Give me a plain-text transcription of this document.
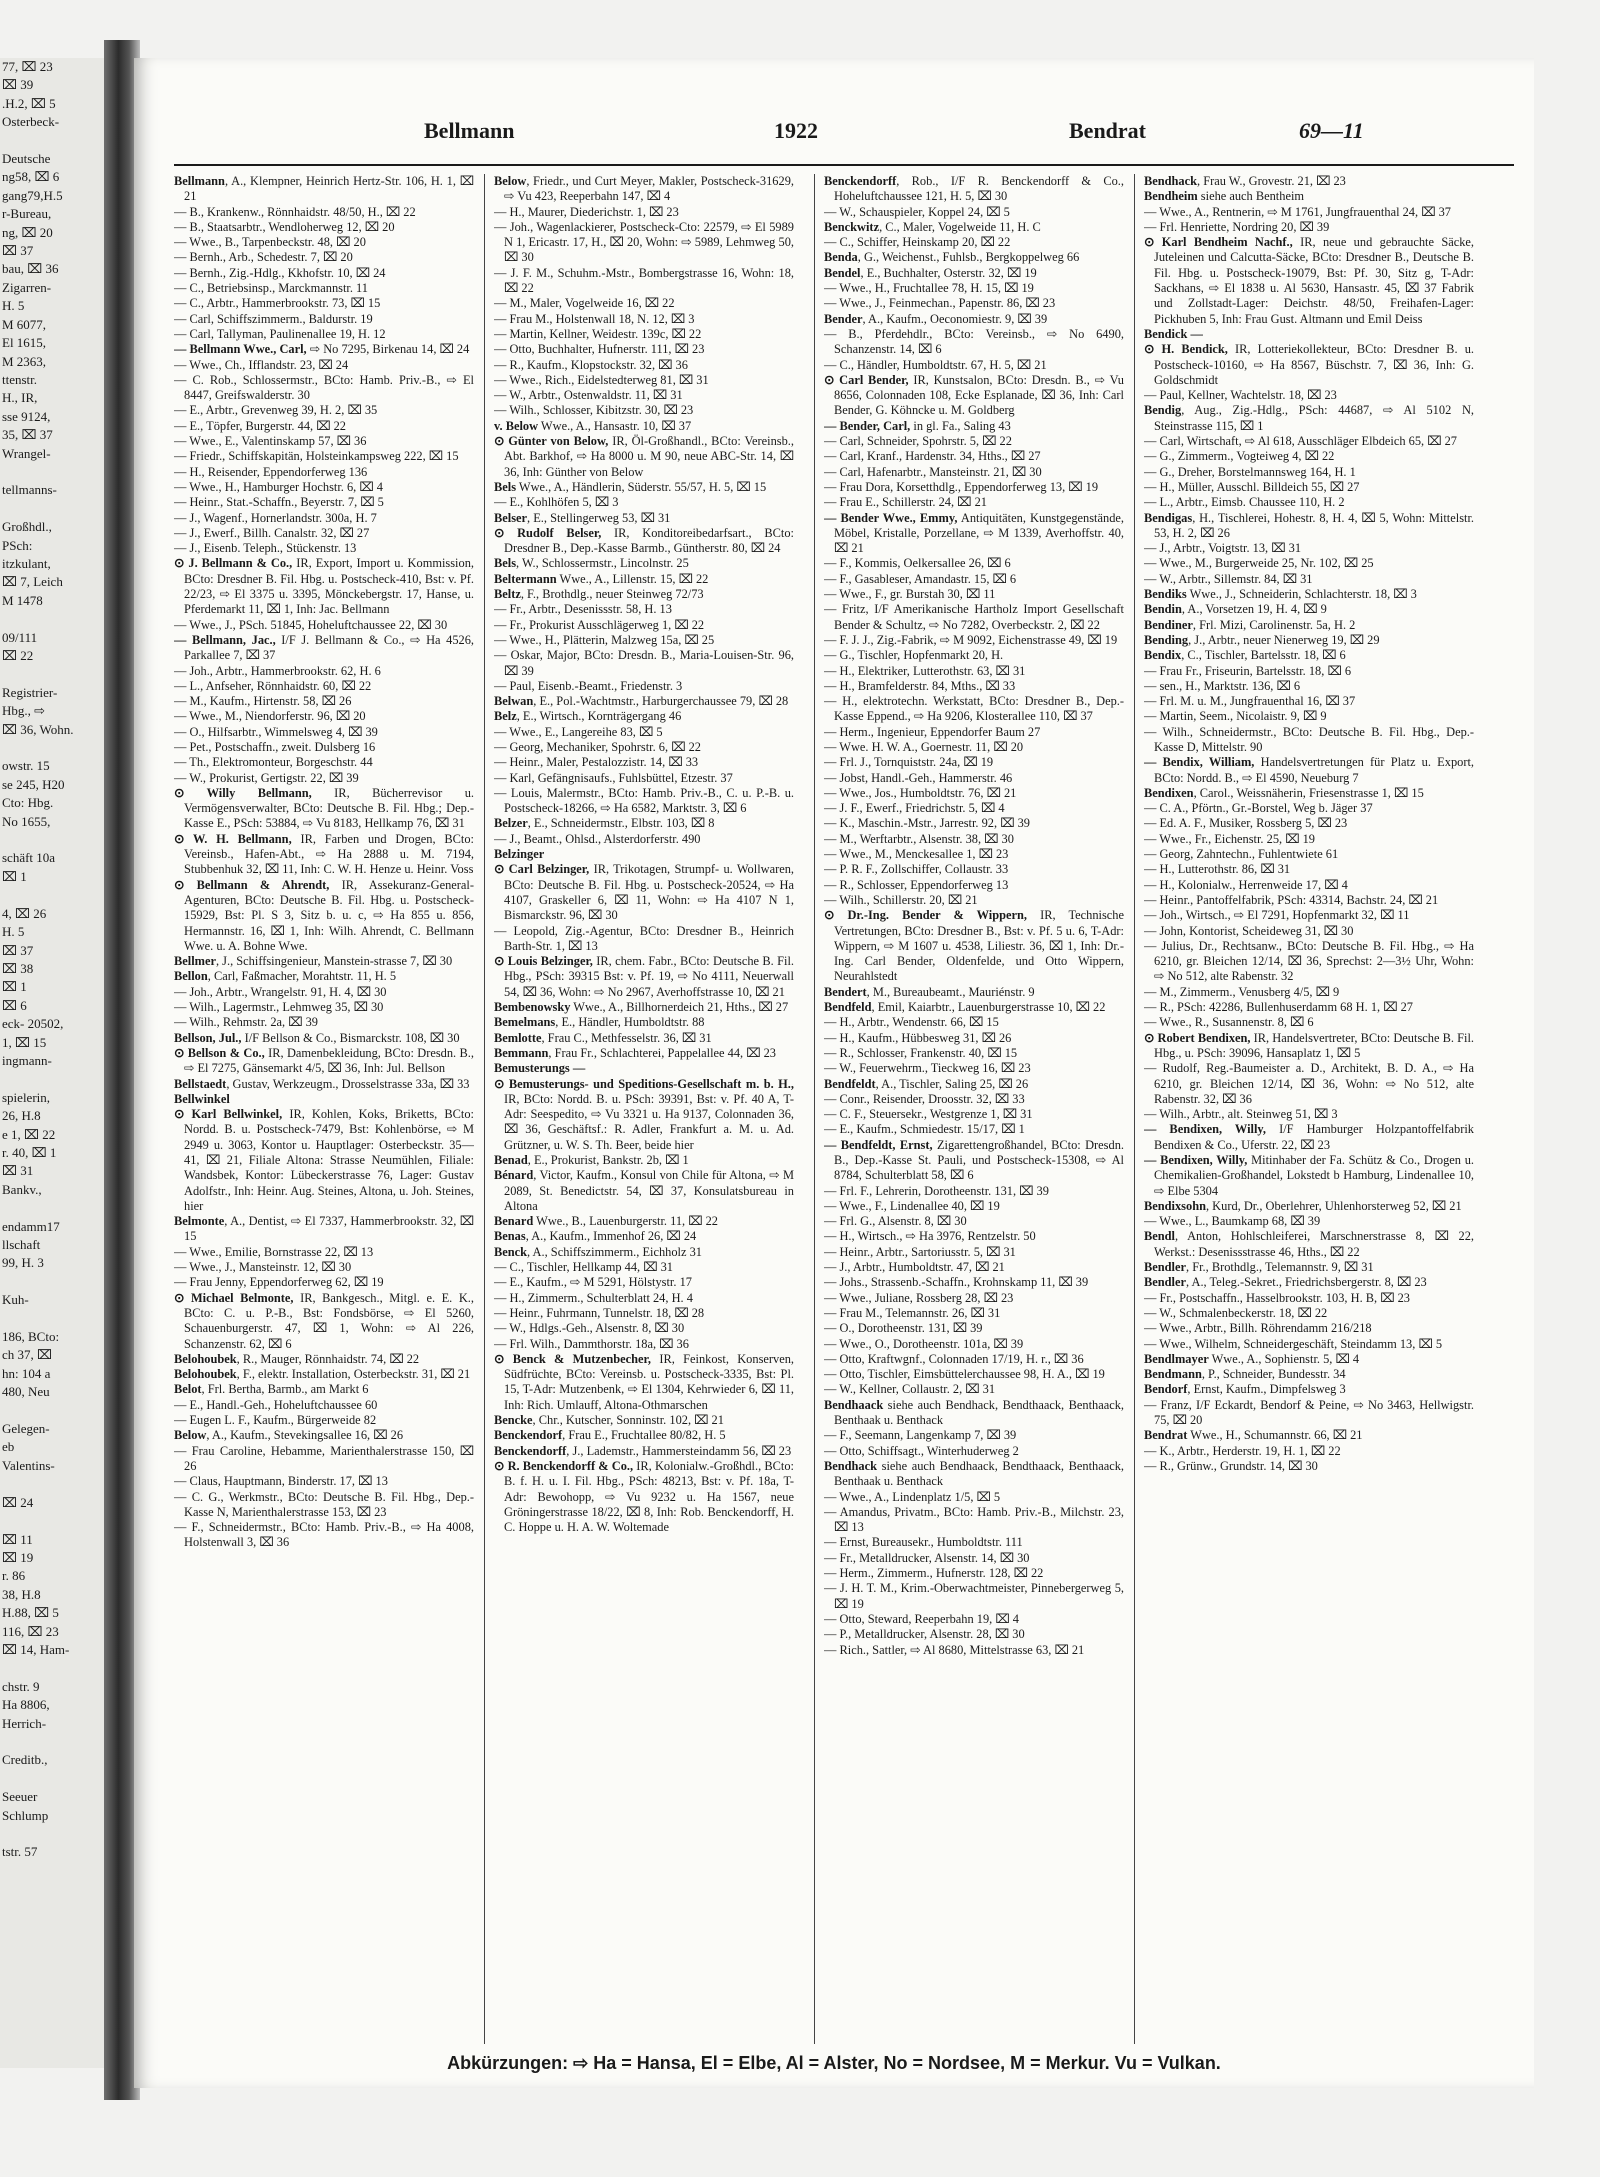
77, ⌧ 23
⌧ 39
.H.2, ⌧ 5
Osterbeck-

Deutsche
ng58, ⌧ 6
gang79,H.5
r-Bureau,
ng, ⌧ 20
⌧ 37
bau, ⌧ 36
Zigarren-
H. 5
M 6077,
El 1615,
M 2363,
ttenstr.
H., IR,
sse 9124,
35, ⌧ 37
Wrangel-

tellmanns-

Großhdl.,
PSch:
itzkulant,
⌧ 7, Leich
M 1478

09/111
⌧ 22

Registrier-
Hbg., ⇨
⌧ 36, Wohn.

owstr. 15
se 245, H20
Cto: Hbg.
No 1655,

schäft 10a
⌧ 1

4, ⌧ 26
H. 5
⌧ 37
⌧ 38
⌧ 1
⌧ 6
eck- 20502,
1, ⌧ 15
ingmann-

spielerin,
26, H.8
e 1, ⌧ 22
r. 40, ⌧ 1
⌧ 31
Bankv.,

endamm17
llschaft
99, H. 3

Kuh-

186, BCto:
ch 37, ⌧
hn: 104 a
480, Neu

Gelegen-
eb
Valentins-

⌧ 24

⌧ 11
⌧ 19
r. 86
38, H.8
H.88, ⌧ 5
116, ⌧ 23
⌧ 14, Ham-

chstr. 9
Ha 8806,
Herrich-

Creditb.,

Seeuer
Schlump

tstr. 57
Bellmann	1922	Bendrat	69—11

Bellmann, A., Klempner, Heinrich Hertz-Str. 106, H. 1, ⌧ 21

— B., Krankenw., Rönnhaidstr. 48/50, H., ⌧ 22

— B., Staatsarbtr., Wendloherweg 12, ⌧ 20

— Wwe., B., Tarpenbeckstr. 48, ⌧ 20

— Bernh., Arb., Schedestr. 7, ⌧ 20

— Bernh., Zig.-Hdlg., Kkhofstr. 10, ⌧ 24

— C., Betriebsinsp., Marckmannstr. 11

— C., Arbtr., Hammerbrookstr. 73, ⌧ 15

— Carl, Schiffszimmerm., Baldurstr. 19

— Carl, Tallyman, Paulinenallee 19, H. 12

— Bellmann Wwe., Carl, ⇨ No 7295, Birkenau 14, ⌧ 24

— Wwe., Ch., Ifflandstr. 23, ⌧ 24

— C. Rob., Schlossermstr., BCto: Hamb. Priv.-B., ⇨ El 8447, Greifswalderstr. 30

— E., Arbtr., Grevenweg 39, H. 2, ⌧ 35

— E., Töpfer, Burgerstr. 44, ⌧ 22

— Wwe., E., Valentinskamp 57, ⌧ 36

— Friedr., Schiffskapitän, Holsteinkampsweg 222, ⌧ 15

— H., Reisender, Eppendorferweg 136

— Wwe., H., Hamburger Hochstr. 6, ⌧ 4

— Heinr., Stat.-Schaffn., Beyerstr. 7, ⌧ 5

— J., Wagenf., Hornerlandstr. 300a, H. 7

— J., Ewerf., Billh. Canalstr. 32, ⌧ 27

— J., Eisenb. Teleph., Stückenstr. 13

⊙ J. Bellmann & Co., IR, Export, Import u. Kommission, BCto: Dresdner B. Fil. Hbg. u. Postscheck-410, Bst: v. Pf. 22/23, ⇨ El 3375 u. 3395, Mönckebergstr. 17, Hanse, u. Pferdemarkt 11, ⌧ 1, Inh: Jac. Bellmann

— Wwe., J., PSch. 51845, Hoheluftchaussee 22, ⌧ 30

— Bellmann, Jac., I/F J. Bellmann & Co., ⇨ Ha 4526, Parkallee 7, ⌧ 37

— Joh., Arbtr., Hammerbrookstr. 62, H. 6

— L., Anfseher, Rönnhaidstr. 60, ⌧ 22

— M., Kaufm., Hirtenstr. 58, ⌧ 26

— Wwe., M., Niendorferstr. 96, ⌧ 20

— O., Hilfsarbtr., Wimmelsweg 4, ⌧ 39

— Pet., Postschaffn., zweit. Dulsberg 16

— Th., Elektromonteur, Borgeschstr. 44

— W., Prokurist, Gertigstr. 22, ⌧ 39

⊙ Willy Bellmann, IR, Bücherrevisor u. Vermögensverwalter, BCto: Deutsche B. Fil. Hbg.; Dep.-Kasse E., PSch: 53884, ⇨ Vu 8183, Hellkamp 76, ⌧ 31

⊙ W. H. Bellmann, IR, Farben und Drogen, BCto: Vereinsb., Hafen-Abt., ⇨ Ha 2888 u. M. 7194, Stubbenhuk 32, ⌧ 11, Inh: C. W. H. Henze u. Heinr. Voss

⊙ Bellmann & Ahrendt, IR, Assekuranz-General-Agenturen, BCto: Deutsche B. Fil. Hbg. u. Postscheck-15929, Bst: Pl. S 3, Sitz b. u. c, ⇨ Ha 855 u. 856, Hermannstr. 16, ⌧ 1, Inh: Wilh. Ahrendt, C. Bellmann Wwe. u. A. Bohne Wwe.

Bellmer, J., Schiffsingenieur, Manstein-strasse 7, ⌧ 30

Bellon, Carl, Faßmacher, Morahtstr. 11, H. 5

— Joh., Arbtr., Wrangelstr. 91, H. 4, ⌧ 30

— Wilh., Lagermstr., Lehmweg 35, ⌧ 30

— Wilh., Rehmstr. 2a, ⌧ 39

Bellson, Jul., I/F Bellson & Co., Bismarckstr. 108, ⌧ 30

⊙ Bellson & Co., IR, Damenbekleidung, BCto: Dresdn. B., ⇨ El 7275, Gänsemarkt 4/5, ⌧ 36, Inh: Jul. Bellson

Bellstaedt, Gustav, Werkzeugm., Drosselstrasse 33a, ⌧ 33

Bellwinkel

⊙ Karl Bellwinkel, IR, Kohlen, Koks, Briketts, BCto: Nordd. B. u. Postscheck-7479, Bst: Kohlenbörse, ⇨ M 2949 u. 3063, Kontor u. Hauptlager: Osterbeckstr. 35—41, ⌧ 21, Filiale Altona: Strasse Neumühlen, Filiale: Wandsbek, Kontor: Lübeckerstrasse 76, Lager: Gustav Adolfstr., Inh: Heinr. Aug. Steines, Altona, u. Joh. Steines, hier

Belmonte, A., Dentist, ⇨ El 7337, Hammerbrookstr. 32, ⌧ 15

— Wwe., Emilie, Bornstrasse 22, ⌧ 13

— Wwe., J., Mansteinstr. 12, ⌧ 30

— Frau Jenny, Eppendorferweg 62, ⌧ 19

⊙ Michael Belmonte, IR, Bankgesch., Mitgl. e. E. K., BCto: C. u. P.-B., Bst: Fondsbörse, ⇨ El 5260, Schauenburgerstr. 47, ⌧ 1, Wohn: ⇨ Al 226, Schanzenstr. 62, ⌧ 6

Belohoubek, R., Mauger, Rönnhaidstr. 74, ⌧ 22

Belohoubek, F., elektr. Installation, Osterbeckstr. 31, ⌧ 21

Belot, Frl. Bertha, Barmb., am Markt 6

— E., Handl.-Geh., Hoheluftchaussee 60

— Eugen L. F., Kaufm., Bürgerweide 82

Below, A., Kaufm., Stevekingsallee 16, ⌧ 26

— Frau Caroline, Hebamme, Marienthalerstrasse 150, ⌧ 26

— Claus, Hauptmann, Binderstr. 17, ⌧ 13

— C. G., Werkmstr., BCto: Deutsche B. Fil. Hbg., Dep.-Kasse N, Marienthalerstrasse 153, ⌧ 23

— F., Schneidermstr., BCto: Hamb. Priv.-B., ⇨ Ha 4008, Holstenwall 3, ⌧ 36

Below, Friedr., und Curt Meyer, Makler, Postscheck-31629, ⇨ Vu 423, Reeperbahn 147, ⌧ 4

— H., Maurer, Diederichstr. 1, ⌧ 23

— Joh., Wagenlackierer, Postscheck-Cto: 22579, ⇨ El 5989 N 1, Ericastr. 17, H., ⌧ 20, Wohn: ⇨ 5989, Lehmweg 50, ⌧ 30

— J. F. M., Schuhm.-Mstr., Bombergstrasse 16, Wohn: 18, ⌧ 22

— M., Maler, Vogelweide 16, ⌧ 22

— Frau M., Holstenwall 18, N. 12, ⌧ 3

— Martin, Kellner, Weidestr. 139c, ⌧ 22

— Otto, Buchhalter, Hufnerstr. 111, ⌧ 23

— R., Kaufm., Klopstockstr. 32, ⌧ 36

— Wwe., Rich., Eidelstedterweg 81, ⌧ 31

— W., Arbtr., Ostenwaldstr. 11, ⌧ 31

— Wilh., Schlosser, Kibitzstr. 30, ⌧ 23

v. Below Wwe., A., Hansastr. 10, ⌧ 37

⊙ Günter von Below, IR, Öl-Großhandl., BCto: Vereinsb., Abt. Barkhof, ⇨ Ha 8000 u. M 90, neue ABC-Str. 14, ⌧ 36, Inh: Günther von Below

Bels Wwe., A., Händlerin, Süderstr. 55/57, H. 5, ⌧ 15

— E., Kohlhöfen 5, ⌧ 3

Belser, E., Stellingerweg 53, ⌧ 31

⊙ Rudolf Belser, IR, Konditoreibedarfsart., BCto: Dresdner B., Dep.-Kasse Barmb., Güntherstr. 80, ⌧ 24

Bels, W., Schlossermstr., Lincolnstr. 25

Beltermann Wwe., A., Lillenstr. 15, ⌧ 22

Beltz, F., Brothdlg., neuer Steinweg 72/73

— Fr., Arbtr., Desenissstr. 58, H. 13

— Fr., Prokurist Ausschlägerweg 1, ⌧ 22

— Wwe., H., Plätterin, Malzweg 15a, ⌧ 25

— Oskar, Major, BCto: Dresdn. B., Maria-Louisen-Str. 96, ⌧ 39

— Paul, Eisenb.-Beamt., Friedenstr. 3

Belwan, E., Pol.-Wachtmstr., Harburgerchaussee 79, ⌧ 28

Belz, E., Wirtsch., Kornträgergang 46

— Wwe., E., Langereihe 83, ⌧ 5

— Georg, Mechaniker, Spohrstr. 6, ⌧ 22

— Heinr., Maler, Pestalozzistr. 14, ⌧ 33

— Karl, Gefängnisaufs., Fuhlsbüttel, Etzestr. 37

— Louis, Malermstr., BCto: Hamb. Priv.-B., C. u. P.-B. u. Postscheck-18266, ⇨ Ha 6582, Marktstr. 3, ⌧ 6

Belzer, E., Schneidermstr., Elbstr. 103, ⌧ 8

— J., Beamt., Ohlsd., Alsterdorferstr. 490

Belzinger

⊙ Carl Belzinger, IR, Trikotagen, Strumpf- u. Wollwaren, BCto: Deutsche B. Fil. Hbg. u. Postscheck-20524, ⇨ Ha 4107, Graskeller 6, ⌧ 11, Wohn: ⇨ Ha 4107 N 1, Bismarckstr. 96, ⌧ 30

— Leopold, Zig.-Agentur, BCto: Dresdner B., Heinrich Barth-Str. 1, ⌧ 13

⊙ Louis Belzinger, IR, chem. Fabr., BCto: Deutsche B. Fil. Hbg., PSch: 39315 Bst: v. Pf. 19, ⇨ No 4111, Neuerwall 54, ⌧ 36, Wohn: ⇨ No 2967, Averhoffstrasse 10, ⌧ 21

Bembenowsky Wwe., A., Billhornerdeich 21, Hths., ⌧ 27

Bemelmans, E., Händler, Humboldtstr. 88

Bemlotte, Frau C., Methfesselstr. 36, ⌧ 31

Bemmann, Frau Fr., Schlachterei, Pappelallee 44, ⌧ 23

Bemusterungs —

⊙ Bemusterungs- und Speditions-Gesellschaft m. b. H., IR, BCto: Nordd. B. u. PSch: 39391, Bst: v. Pf. 40 A, T-Adr: Seespedito, ⇨ Vu 3321 u. Ha 9137, Colonnaden 36, ⌧ 36, Geschäftsf.: R. Adler, Frankfurt a. M. u. Ad. Grützner, u. W. S. Th. Beer, beide hier

Benad, E., Prokurist, Bankstr. 2b, ⌧ 1

Bénard, Victor, Kaufm., Konsul von Chile für Altona, ⇨ M 2089, St. Benedictstr. 54, ⌧ 37, Konsulatsbureau in Altona

Benard Wwe., B., Lauenburgerstr. 11, ⌧ 22

Benas, A., Kaufm., Immenhof 26, ⌧ 24

Benck, A., Schiffszimmerm., Eichholz 31

— C., Tischler, Hellkamp 44, ⌧ 31

— E., Kaufm., ⇨ M 5291, Hölstystr. 17

— H., Zimmerm., Schulterblatt 24, H. 4

— Heinr., Fuhrmann, Tunnelstr. 18, ⌧ 28

— W., Hdlgs.-Geh., Alsenstr. 8, ⌧ 30

— Frl. Wilh., Dammthorstr. 18a, ⌧ 36

⊙ Benck & Mutzenbecher, IR, Feinkost, Konserven, Südfrüchte, BCto: Vereinsb. u. Postscheck-3335, Bst: Pl. 15, T-Adr: Mutzenbenk, ⇨ El 1304, Kehrwieder 6, ⌧ 11, Inh: Rich. Umlauff, Altona-Othmarschen

Bencke, Chr., Kutscher, Sonninstr. 102, ⌧ 21

Benckendorf, Frau E., Fruchtallee 80/82, H. 5

Benckendorff, J., Lademstr., Hammersteindamm 56, ⌧ 23

⊙ R. Benckendorff & Co., IR, Kolonialw.-Großhdl., BCto: B. f. H. u. I. Fil. Hbg., PSch: 48213, Bst: v. Pf. 18a, T-Adr: Bewohopp, ⇨ Vu 9232 u. Ha 1567, neue Gröningerstrasse 18/22, ⌧ 8, Inh: Rob. Benckendorff, H. C. Hoppe u. H. A. W. Woltemade

Benckendorff, Rob., I/F R. Benckendorff & Co., Hoheluftchaussee 121, H. 5, ⌧ 30

— W., Schauspieler, Koppel 24, ⌧ 5

Benckwitz, C., Maler, Vogelweide 11, H. C

— C., Schiffer, Heinskamp 20, ⌧ 22

Benda, G., Weichenst., Fuhlsb., Bergkoppelweg 66

Bendel, E., Buchhalter, Osterstr. 32, ⌧ 19

— Wwe., H., Fruchtallee 78, H. 15, ⌧ 19

— Wwe., J., Feinmechan., Papenstr. 86, ⌧ 23

Bender, A., Kaufm., Oeconomiestr. 9, ⌧ 39

— B., Pferdehdlr., BCto: Vereinsb., ⇨ No 6490, Schanzenstr. 14, ⌧ 6

— C., Händler, Humboldtstr. 67, H. 5, ⌧ 21

⊙ Carl Bender, IR, Kunstsalon, BCto: Dresdn. B., ⇨ Vu 8656, Colonnaden 108, Ecke Esplanade, ⌧ 36, Inh: Carl Bender, G. Köhncke u. M. Goldberg

— Bender, Carl, in gl. Fa., Saling 43

— Carl, Schneider, Spohrstr. 5, ⌧ 22

— Carl, Kranf., Hardenstr. 34, Hths., ⌧ 27

— Carl, Hafenarbtr., Mansteinstr. 21, ⌧ 30

— Frau Dora, Korsetthdlg., Eppendorferweg 13, ⌧ 19

— Frau E., Schillerstr. 24, ⌧ 21

— Bender Wwe., Emmy, Antiquitäten, Kunstgegenstände, Möbel, Kristalle, Porzellane, ⇨ M 1339, Averhoffstr. 40, ⌧ 21

— F., Kommis, Oelkersallee 26, ⌧ 6

— F., Gasableser, Amandastr. 15, ⌧ 6

— Wwe., F., gr. Burstah 30, ⌧ 11

— Fritz, I/F Amerikanische Hartholz Import Gesellschaft Bender & Schultz, ⇨ No 7282, Overbeckstr. 2, ⌧ 22

— F. J. J., Zig.-Fabrik, ⇨ M 9092, Eichenstrasse 49, ⌧ 19

— G., Tischler, Hopfenmarkt 20, H.

— H., Elektriker, Lutterothstr. 63, ⌧ 31

— H., Bramfelderstr. 84, Mths., ⌧ 33

— H., elektrotechn. Werkstatt, BCto: Dresdner B., Dep.-Kasse Eppend., ⇨ Ha 9206, Klosterallee 110, ⌧ 37

— Herm., Ingenieur, Eppendorfer Baum 27

— Wwe. H. W. A., Goernestr. 11, ⌧ 20

— Frl. J., Tornquiststr. 24a, ⌧ 19

— Jobst, Handl.-Geh., Hammerstr. 46

— Wwe., Jos., Humboldtstr. 76, ⌧ 21

— J. F., Ewerf., Friedrichstr. 5, ⌧ 4

— K., Maschin.-Mstr., Jarrestr. 92, ⌧ 39

— M., Werftarbtr., Alsenstr. 38, ⌧ 30

— Wwe., M., Menckesallee 1, ⌧ 23

— P. R. F., Zollschiffer, Collaustr. 33

— R., Schlosser, Eppendorferweg 13

— Wilh., Schillerstr. 20, ⌧ 21

⊙ Dr.-Ing. Bender & Wippern, IR, Technische Vertretungen, BCto: Dresdner B., Bst: v. Pf. 5 u. 6, T-Adr: Wippern, ⇨ M 1607 u. 4538, Liliestr. 36, ⌧ 1, Inh: Dr.-Ing. Carl Bender, Oldenfelde, und Otto Wippern, Neurahlstedt

Bendert, M., Bureaubeamt., Mauriénstr. 9

Bendfeld, Emil, Kaiarbtr., Lauenburgerstrasse 10, ⌧ 22

— H., Arbtr., Wendenstr. 66, ⌧ 15

— H., Kaufm., Hübbesweg 31, ⌧ 26

— R., Schlosser, Frankenstr. 40, ⌧ 15

— W., Feuerwehrm., Tieckweg 16, ⌧ 23

Bendfeldt, A., Tischler, Saling 25, ⌧ 26

— Conr., Reisender, Droosstr. 32, ⌧ 33

— C. F., Steuersekr., Westgrenze 1, ⌧ 31

— E., Kaufm., Schmiedestr. 15/17, ⌧ 1

— Bendfeldt, Ernst, Zigarettengroßhandel, BCto: Dresdn. B., Dep.-Kasse St. Pauli, und Postscheck-15308, ⇨ Al 8784, Schulterblatt 58, ⌧ 6

— Frl. F., Lehrerin, Dorotheenstr. 131, ⌧ 39

— Wwe., F., Lindenallee 40, ⌧ 19

— Frl. G., Alsenstr. 8, ⌧ 30

— H., Wirtsch., ⇨ Ha 3976, Rentzelstr. 50

— Heinr., Arbtr., Sartoriusstr. 5, ⌧ 31

— J., Arbtr., Humboldtstr. 47, ⌧ 21

— Johs., Strassenb.-Schaffn., Krohnskamp 11, ⌧ 39

— Wwe., Juliane, Rossberg 28, ⌧ 23

— Frau M., Telemannstr. 26, ⌧ 31

— O., Dorotheenstr. 131, ⌧ 39

— Wwe., O., Dorotheenstr. 101a, ⌧ 39

— Otto, Kraftwgnf., Colonnaden 17/19, H. r., ⌧ 36

— Otto, Tischler, Eimsbüttelerchaussee 98, H. A., ⌧ 19

— W., Kellner, Collaustr. 2, ⌧ 31

Bendhaack siehe auch Bendhack, Bendthaack, Benthaack, Benthaak u. Benthack

— F., Seemann, Langenkamp 7, ⌧ 39

— Otto, Schiffsagt., Winterhuderweg 2

Bendhack siehe auch Bendhaack, Bendthaack, Benthaack, Benthaak u. Benthack

— Wwe., A., Lindenplatz 1/5, ⌧ 5

— Amandus, Privatm., BCto: Hamb. Priv.-B., Milchstr. 23, ⌧ 13

— Ernst, Bureausekr., Humboldtstr. 111

— Fr., Metalldrucker, Alsenstr. 14, ⌧ 30

— Herm., Zimmerm., Hufnerstr. 128, ⌧ 22

— J. H. T. M., Krim.-Oberwachtmeister, Pinnebergerweg 5, ⌧ 19

— Otto, Steward, Reeperbahn 19, ⌧ 4

— P., Metalldrucker, Alsenstr. 28, ⌧ 30

— Rich., Sattler, ⇨ Al 8680, Mittelstrasse 63, ⌧ 21

Bendhack, Frau W., Grovestr. 21, ⌧ 23

Bendheim siehe auch Bentheim

— Wwe., A., Rentnerin, ⇨ M 1761, Jungfrauenthal 24, ⌧ 37

— Frl. Henriette, Nordring 20, ⌧ 39

⊙ Karl Bendheim Nachf., IR, neue und gebrauchte Säcke, Juteleinen und Calcutta-Säcke, BCto: Dresdner B., Deutsche B. Fil. Hbg. u. Postscheck-19079, Bst: Pf. 30, Sitz g, T-Adr: Sackhans, ⇨ El 1838 u. Al 5630, Hansastr. 45, ⌧ 37 Fabrik und Zollstadt-Lager: Deichstr. 48/50, Freihafen-Lager: Pickhuben 5, Inh: Frau Gust. Altmann und Emil Deiss

Bendick —

⊙ H. Bendick, IR, Lotteriekollekteur, BCto: Dresdner B. u. Postscheck-10160, ⇨ Ha 8567, Büschstr. 7, ⌧ 36, Inh: G. Goldschmidt

— Paul, Kellner, Wachtelstr. 18, ⌧ 23

Bendig, Aug., Zig.-Hdlg., PSch: 44687, ⇨ Al 5102 N, Steinstrasse 115, ⌧ 1

— Carl, Wirtschaft, ⇨ Al 618, Ausschläger Elbdeich 65, ⌧ 27

— G., Zimmerm., Vogteiweg 4, ⌧ 22

— G., Dreher, Borstelmannsweg 164, H. 1

— H., Müller, Ausschl. Billdeich 55, ⌧ 27

— L., Arbtr., Eimsb. Chaussee 110, H. 2

Bendigas, H., Tischlerei, Hohestr. 8, H. 4, ⌧ 5, Wohn: Mittelstr. 53, H. 2, ⌧ 26

— J., Arbtr., Voigtstr. 13, ⌧ 31

— Wwe., M., Burgerweide 25, Nr. 102, ⌧ 25

— W., Arbtr., Sillemstr. 84, ⌧ 31

Bendiks Wwe., J., Schneiderin, Schlachterstr. 18, ⌧ 3

Bendin, A., Vorsetzen 19, H. 4, ⌧ 9

Bendiner, Frl. Mizi, Carolinenstr. 5a, H. 2

Bending, J., Arbtr., neuer Nienerweg 19, ⌧ 29

Bendix, C., Tischler, Bartelsstr. 18, ⌧ 6

— Frau Fr., Friseurin, Bartelsstr. 18, ⌧ 6

— sen., H., Marktstr. 136, ⌧ 6

— Frl. M. u. M., Jungfrauenthal 16, ⌧ 37

— Martin, Seem., Nicolaistr. 9, ⌧ 9

— Wilh., Schneidermstr., BCto: Deutsche B. Fil. Hbg., Dep.-Kasse D, Mittelstr. 90

— Bendix, William, Handelsvertretungen für Platz u. Export, BCto: Nordd. B., ⇨ El 4590, Neueburg 7

Bendixen, Carol., Weissnäherin, Friesenstrasse 1, ⌧ 15

— C. A., Pförtn., Gr.-Borstel, Weg b. Jäger 37

— Ed. A. F., Musiker, Rossberg 5, ⌧ 23

— Wwe., Fr., Eichenstr. 25, ⌧ 19

— Georg, Zahntechn., Fuhlentwiete 61

— H., Lutterothstr. 86, ⌧ 31

— H., Kolonialw., Herrenweide 17, ⌧ 4

— Heinr., Pantoffelfabrik, PSch: 43314, Bachstr. 24, ⌧ 21

— Joh., Wirtsch., ⇨ El 7291, Hopfenmarkt 32, ⌧ 11

— John, Kontorist, Scheideweg 31, ⌧ 30

— Julius, Dr., Rechtsanw., BCto: Deutsche B. Fil. Hbg., ⇨ Ha 6210, gr. Bleichen 12/14, ⌧ 36, Sprechst: 2—3½ Uhr, Wohn: ⇨ No 512, alte Rabenstr. 32

— M., Zimmerm., Venusberg 4/5, ⌧ 9

— R., PSch: 42286, Bullenhuserdamm 68 H. 1, ⌧ 27

— Wwe., R., Susannenstr. 8, ⌧ 6

⊙ Robert Bendixen, IR, Handelsvertreter, BCto: Deutsche B. Fil. Hbg., u. PSch: 39096, Hansaplatz 1, ⌧ 5

— Rudolf, Reg.-Baumeister a. D., Architekt, B. D. A., ⇨ Ha 6210, gr. Bleichen 12/14, ⌧ 36, Wohn: ⇨ No 512, alte Rabenstr. 32, ⌧ 36

— Wilh., Arbtr., alt. Steinweg 51, ⌧ 3

— Bendixen, Willy, I/F Hamburger Holzpantoffelfabrik Bendixen & Co., Uferstr. 22, ⌧ 23

— Bendixen, Willy, Mitinhaber der Fa. Schütz & Co., Drogen u. Chemikalien-Großhandel, Lokstedt b Hamburg, Lindenallee 10, ⇨ Elbe 5304

Bendixsohn, Kurd, Dr., Oberlehrer, Uhlenhorsterweg 52, ⌧ 21

— Wwe., L., Baumkamp 68, ⌧ 39

Bendl, Anton, Hohlschleiferei, Marschnerstrasse 8, ⌧ 22, Werkst.: Desenissstrasse 46, Hths., ⌧ 22

Bendler, Fr., Brothdlg., Telemannstr. 9, ⌧ 31

Bendler, A., Teleg.-Sekret., Friedrichsbergerstr. 8, ⌧ 23

— Fr., Postschaffn., Hasselbrookstr. 103, H. B, ⌧ 23

— W., Schmalenbeckerstr. 18, ⌧ 22

— Wwe., Arbtr., Billh. Röhrendamm 216/218

— Wwe., Wilhelm, Schneidergeschäft, Steindamm 13, ⌧ 5

Bendlmayer Wwe., A., Sophienstr. 5, ⌧ 4

Bendmann, P., Schneider, Bundesstr. 34

Bendorf, Ernst, Kaufm., Dimpfelsweg 3

— Franz, I/F Eckardt, Bendorf & Peine, ⇨ No 3463, Hellwigstr. 75, ⌧ 20

Bendrat Wwe., H., Schumannstr. 66, ⌧ 21

— K., Arbtr., Herderstr. 19, H. 1, ⌧ 22

— R., Grünw., Grundstr. 14, ⌧ 30

Abkürzungen: ⇨ Ha = Hansa, El = Elbe, Al = Alster, No = Nordsee, M = Merkur. Vu = Vulkan.
